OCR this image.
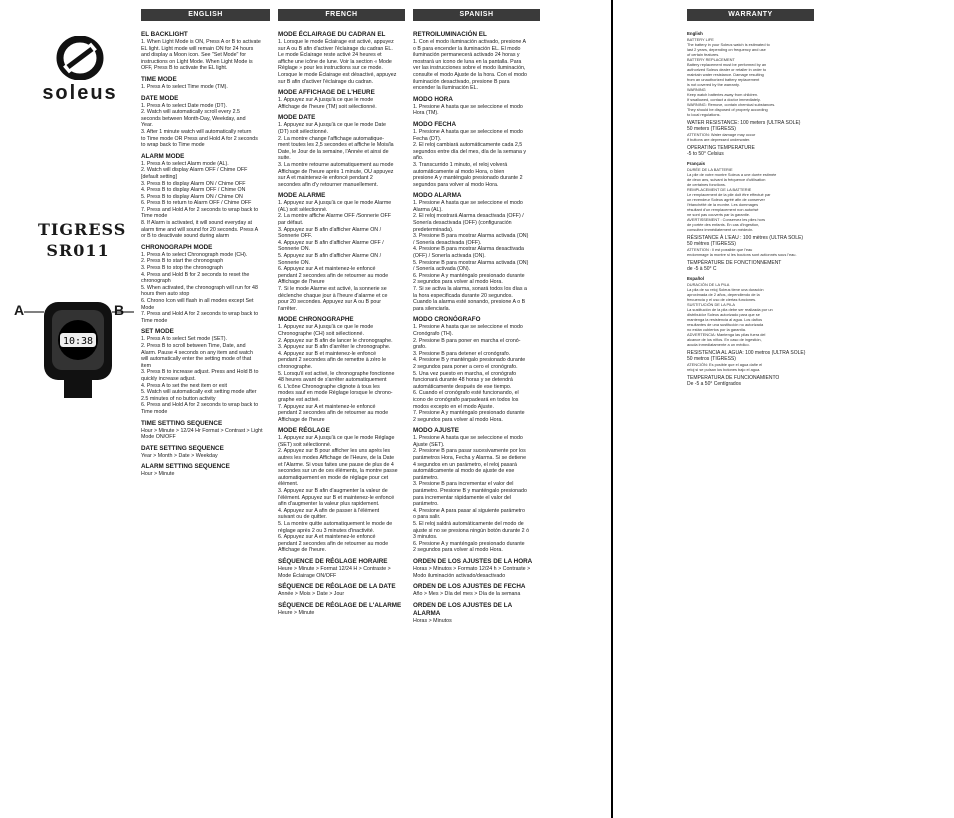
soleus
TIGRESS
SR011
A	B
10:38
ENGLISH
EL BACKLIGHT
1. When Light Mode is ON, Press A or B to activate
EL light. Light mode will remain ON for 24 hours
and display a Moon icon. See "Set Mode" for
instructions on Light Mode. When Light Mode is
OFF, Press B to activate the EL light.
TIME MODE
1. Press A to select Time mode (TM).
DATE MODE
1. Press A to select Date mode (DT).
2. Watch will automatically scroll every 2.5
seconds between Month-Day, Weekday, and
Year.
3. After 1 minute watch will automatically return
to Time mode OR Press and Hold A for 2 seconds
to wrap back to Time mode
ALARM MODE
1. Press A to select Alarm mode (AL).
2. Watch will display Alarm OFF / Chime OFF
[default setting]
3. Press B to display Alarm ON / Chime OFF
4. Press B to display Alarm OFF / Chime ON
5. Press B to display Alarm ON / Chime ON
6. Press B to return to Alarm OFF / Chime OFF
7. Press and Hold A for 2 seconds to wrap back to
Time mode
8. If Alarm is activated, it will sound everyday at
alarm time and will sound for 20 seconds. Press A
or B to deactivate sound during alarm
CHRONOGRAPH MODE
1. Press A to select Chronograph mode (CH).
2. Press B to start the chronograph
3. Press B to stop the chronograph
4. Press and Hold B for 2 seconds to reset the
chronograph
5. When activated, the chronograph will run for 48
hours then auto stop
6. Chrono Icon will flash in all modes except Set
Mode
7. Press and Hold A for 2 seconds to wrap back to
Time mode
SET MODE
1. Press A to select Set mode (SET).
2. Press B to scroll between Time, Date, and
Alarm. Pause 4 seconds on any item and watch
will automatically enter the setting mode of that
item
3. Press B to increase adjust. Press and Hold B to
quickly increase adjust.
4. Press A to set the next item or exit
5. Watch will automatically exit setting mode after
2.5 minutes of no button activity
6. Press and Hold A for 2 seconds to wrap back to
Time mode
TIME SETTING SEQUENCE
Hour > Minute > 12/24 Hr Format > Contrast > Light
Mode ON/OFF
DATE SETTING SEQUENCE
Year > Month > Date > Weekday
ALARM SETTING SEQUENCE
Hour > Minute
FRENCH
MODE ÉCLAIRAGE DU CADRAN EL
1. Lorsque le mode Éclairage est activé, appuyez
sur A ou B afin d'activer l'éclairage du cadran EL.
Le mode Éclairage reste activé 24 heures et
affiche une icône de lune. Voir la section « Mode
Réglage » pour les instructions sur ce mode.
Lorsque le mode Éclairage est désactivé, appuyez
sur B afin d'activer l'éclairage du cadran.
MODE AFFICHAGE DE L'HEURE
1. Appuyez sur A jusqu'à ce que le mode
Affichage de l'heure (TM) soit sélectionné.
MODE DATE
1. Appuyez sur A jusqu'à ce que le mode Date
(DT) soit sélectionné.
2. La montre change l'affichage automatique-
ment toutes les 2,5 secondes et affiche le Mois/la
Date, le Jour de la semaine, l'Année et ainsi de
suite.
3. La montre retourne automatiquement au mode
Affichage de l'heure après 1 minute, OU appuyez
sur A et maintenez-le enfoncé pendant 2
secondes afin d'y retourner manuellement.
MODE ALARME
1. Appuyez sur A jusqu'à ce que le mode Alarme
(AL) soit sélectionné.
2. La montre affiche Alarme OFF /Sonnerie OFF
par défaut.
3. Appuyez sur B afin d'afficher Alarme ON /
Sonnerie OFF.
4. Appuyez sur B afin d'afficher Alarme OFF /
Sonnerie ON.
5. Appuyez sur B afin d'afficher Alarme ON /
Sonnerie ON.
6. Appuyez sur A et maintenez-le enfoncé
pendant 2 secondes afin de retourner au mode
Affichage de l'heure
7. Si le mode Alarme est activé, la sonnerie se
déclenche chaque jour à l'heure d'alarme et ce
pour 20 secondes. Appuyez sur A ou B pour
l'arrêter.
MODE CHRONOGRAPHE
1. Appuyez sur A jusqu'à ce que le mode
Chronographe (CH) soit sélectionné.
2. Appuyez sur B afin de lancer le chronographe.
3. Appuyez sur B afin d'arrêter le chronographe.
4. Appuyez sur B et maintenez-le enfoncé
pendant 2 secondes afin de remettre à zéro le
chronographe.
5. Lorsqu'il est activé, le chronographe fonctionne
48 heures avant de s'arrêter automatiquement
6. L'icône Chronographe clignote à tous les
modes sauf en mode Réglage lorsque le chrono-
graphe est activé.
7. Appuyez sur A et maintenez-le enfoncé
pendant 2 secondes afin de retourner au mode
Affichage de l'heure
MODE RÉGLAGE
1. Appuyez sur A jusqu'à ce que le mode Réglage
(SET) soit sélectionné.
2. Appuyez sur B pour afficher les uns après les
autres les modes Affichage de l'Heure, de la Date
et l'Alarme. Si vous faites une pause de plus de 4
secondes sur un de ces éléments, la montre passe
automatiquement en mode de réglage pour cet
élément.
3. Appuyez sur B afin d'augmenter la valeur de
l'élément. Appuyez sur B et maintenez-le enfoncé
afin d'augmenter la valeur plus rapidement.
4. Appuyez sur A afin de passer à l'élément
suivant ou de quitter.
5. La montre quitte automatiquement le mode de
réglage après 2 ou 3 minutes d'inactivité.
6. Appuyez sur A et maintenez-le enfoncé
pendant 2 secondes afin de retourner au mode
Affichage de l'heure.
SÉQUENCE DE RÉGLAGE HORAIRE
Heure > Minute > Format 12/24 H > Contraste >
Mode Éclairage ON/OFF
SÉQUENCE DE RÉGLAGE DE LA DATE
Année > Mois > Date > Jour
SÉQUENCE DE RÉGLAGE DE L'ALARME
Heure > Minute
SPANISH
RETROILUMINACIÓN EL
1. Con el modo iluminación activado, presione A
o B para encender la iluminación EL. El modo
iluminación permanecerá activado 24 horas y
mostrará un icono de luna en la pantalla. Para
ver las instrucciones sobre el modo iluminación,
consulte el modo Ajuste de la hora. Con el modo
iluminación desactivado, presione B para
encender la iluminación EL.
MODO HORA
1. Presione A hasta que se seleccione el modo
Hora (TM).
MODO FECHA
1. Presione A hasta que se seleccione el modo
Fecha (DT).
2. El reloj cambiará automáticamente cada 2,5
segundos entre día del mes, día de la semana y
año.
3. Transcurrido 1 minuto, el reloj volverá
automáticamente al modo Hora, o bien
presione A y manténgalo presionado durante 2
segundos para volver al modo Hora.
MODO ALARMA
1. Presione A hasta que se seleccione el modo
Alarma (AL).
2. El reloj mostrará Alarma desactivada (OFF) /
Sonería desactivada (OFF) (configuración
predeterminada).
3. Presione B para mostrar Alarma activada (ON)
/ Sonería desactivada (OFF).
4. Presione B para mostrar Alarma desactivada
(OFF) / Sonería activada (ON).
5. Presione B para mostrar Alarma activada (ON)
/ Sonería activada (ON).
6. Presione A y manténgalo presionado durante
2 segundos para volver al modo Hora.
7. Si se activa la alarma, sonará todos los días a
la hora especificada durante 20 segundos.
Cuando la alarma esté sonando, presione A o B
para silenciarla.
MODO CRONÓGRAFO
1. Presione A hasta que se seleccione el modo
Cronógrafo (TH).
2. Presione B para poner en marcha el cronó-
grafo.
3. Presione B para detener el cronógrafo.
4. Presione B y manténgalo presionado durante
2 segundos para poner a cero el cronógrafo.
5. Una vez puesto en marcha, el cronógrafo
funcionará durante 48 horas y se detendrá
automáticamente después de ese tiempo.
6. Cuando el cronógrafo esté funcionando, el
icono de cronógrafo parpadeará en todos los
modos excepto en el modo Ajuste.
7. Presione A y manténgalo presionado durante
2 segundos para volver al modo Hora.
MODO AJUSTE
1. Presione A hasta que se seleccione el modo
Ajuste (SET).
2. Presione B para pasar sucesivamente por los
parámetros Hora, Fecha y Alarma. Si se detiene
4 segundos en un parámetro, el reloj pasará
automáticamente al modo de ajuste de ese
parámetro.
3. Presione B para incrementar el valor del
parámetro. Presione B y manténgalo presionado
para incrementar rápidamente el valor del
parámetro.
4. Presione A para pasar al siguiente parámetro
o para salir.
5. El reloj saldrá automáticamente del modo de
ajuste si no se presiona ningún botón durante 2 ó
3 minutos.
6. Presione A y manténgalo presionado durante
2 segundos para volver al modo Hora.
ORDEN DE LOS AJUSTES DE LA HORA
Horas > Minutos > Formato 12/24 h > Contraste >
Modo iluminación activado/desactivado
ORDEN DE LOS AJUSTES DE FECHA
Año > Mes > Día del mes > Día de la semana
ORDEN DE LOS AJUSTES DE LA ALARMA
Horas > Minutos
WARRANTY
English
BATTERY LIFE
The battery in your Soleus watch is estimated to
last 2 years, depending on frequency and use
of certain features.
BATTERY REPLACEMENT
Battery replacement must be performed by an
authorized Soleus dealer or retailer in order to
maintain water resistance. Damage resulting
from an unauthorized battery replacement
is not covered by the warranty.
WARNING
Keep watch batteries away from children.
If swallowed, contact a doctor immediately.
WARNING: Remove, contain chemical substances.
They should be disposed of properly according
to local regulations.
WATER RESISTANCE: 100 meters (ULTRA SOLE)
50 meters (TIGRESS)
ATTENTION: Water damage may occur
if buttons are depressed underwater.
OPERATING TEMPERATURE
-5 to 50° Celsius
Français
DURÉE DE LA BATTERIE
La pile de votre montre Soleus a une durée estimée
de deux ans, suivant la fréquence d'utilisation
de certaines fonctions.
REMPLACEMENT DE LA BATTERIE
Le remplacement de la pile doit être effectué par
un revendeur Soleus agréé afin de conserver
l'étanchéité de la montre. Les dommages
résultant d'un remplacement non autorisé
ne sont pas couverts par la garantie.
AVERTISSEMENT : Conservez les piles hors
de portée des enfants. En cas d'ingestion,
consultez immédiatement un médecin.
RÉSISTANCE À L'EAU : 100 mètres (ULTRA SOLE)
50 mètres (TIGRESS)
ATTENTION : Il est possible que l'eau
endommage la montre si les boutons sont actionnés sous l'eau.
TEMPÉRATURE DE FONCTIONNEMENT
de -5 à 50° C
Español
DURACIÓN DE LA PILA
La pila de su reloj Soleus tiene una duración
aproximada de 2 años, dependiendo de la
frecuencia y el uso de ciertas funciones.
SUSTITUCIÓN DE LA PILA
La sustitución de la pila debe ser realizada por un
distribuidor Soleus autorizado para que se
mantenga la resistencia al agua. Los daños
resultantes de una sustitución no autorizada
no están cubiertos por la garantía.
ADVERTENCIA: Mantenga las pilas fuera del
alcance de los niños. En caso de ingestión,
acuda inmediatamente a un médico.
RESISTENCIA AL AGUA: 100 metros (ULTRA SOLE)
50 metros (TIGRESS)
ATENCIÓN: Es posible que el agua dañe el
reloj si se pulsan los botones bajo el agua.
TEMPERATURA DE FUNCIONAMIENTO
De -5 a 50° Centígrados
